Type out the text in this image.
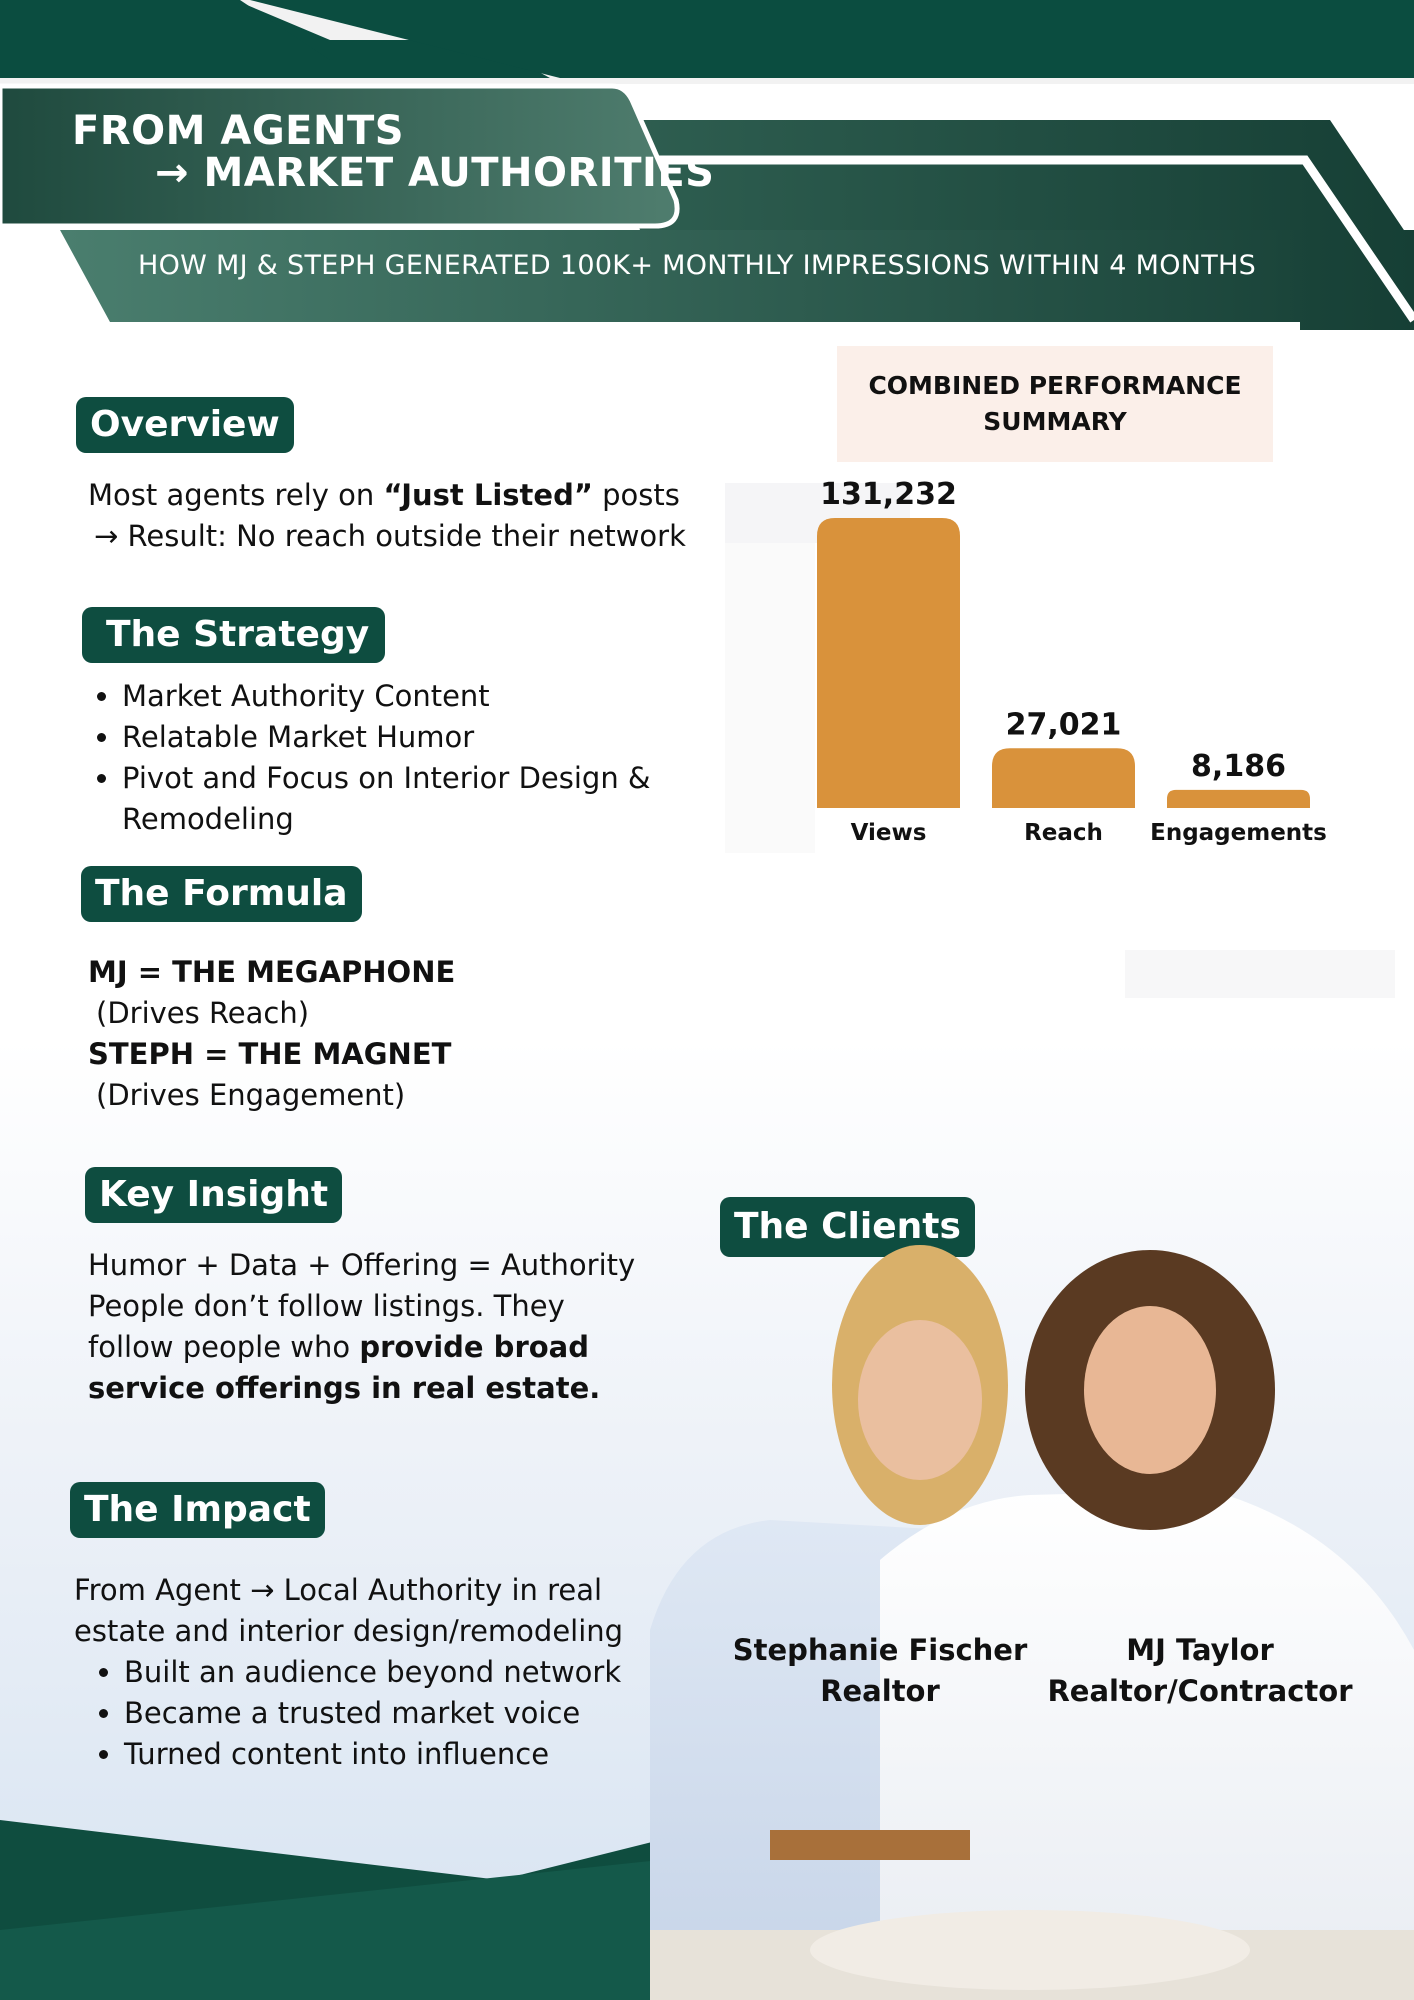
FROM AGENTS
→ MARKET AUTHORITIES
HOW MJ & STEPH GENERATED 100K+ MONTHLY IMPRESSIONS WITHIN 4 MONTHS
Overview
Most agents rely on “Just Listed” posts
→ Result: No reach outside their network
The Strategy
• Market Authority Content
• Relatable Market Humor
• Pivot and Focus on Interior Design &
Remodeling
The Formula
MJ = THE MEGAPHONE
(Drives Reach)
STEPH = THE MAGNET
(Drives Engagement)
Key Insight
Humor + Data + Offering = Authority
People don’t follow listings. They
follow people who provide broad
service offerings in real estate.
The Impact
From Agent → Local Authority in real
estate and interior design/remodeling
• Built an audience beyond network
• Became a trusted market voice
• Turned content into influence
COMBINED PERFORMANCE
SUMMARY
131,232
Views
27,021
Reach
8,186
Engagements
The Clients
Stephanie Fischer
Realtor
MJ Taylor
Realtor/Contractor
